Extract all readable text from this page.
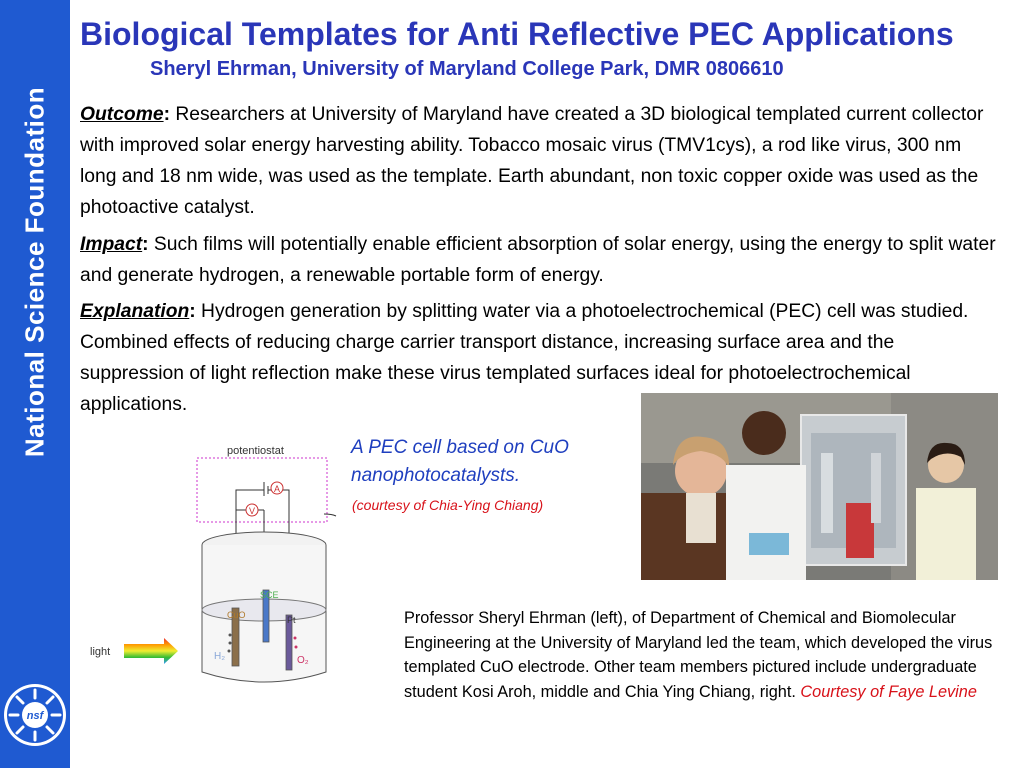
National Science Foundation
nsf
Biological Templates for Anti Reflective PEC Applications
Sheryl Ehrman, University of Maryland College Park, DMR 0806610
Outcome: Researchers at University of Maryland have created a 3D biological templated current collector with improved solar energy harvesting ability. Tobacco mosaic virus (TMV1cys), a rod like virus, 300 nm long and 18 nm wide, was used as the template. Earth abundant, non toxic copper oxide was used as the photoactive catalyst.
Impact: Such films will potentially enable efficient absorption of solar energy, using the energy to split water and generate hydrogen, a renewable portable form of energy.
Explanation: Hydrogen generation by splitting water via a photoelectrochemical (PEC) cell was studied. Combined effects of reducing charge carrier transport distance, increasing surface area and the suppression of light reflection make these virus templated surfaces ideal for photoelectrochemical applications.
potentiostat
A
V
SCE
CuO	Pt
H₂	O₂
light
A PEC cell based on CuO
nanophotocatalysts.
(courtesy of Chia-Ying Chiang)
Professor Sheryl Ehrman (left), of Department of Chemical and Biomolecular Engineering at the University of Maryland led the team, which developed the virus templated CuO electrode. Other team members pictured include undergraduate student Kosi Aroh, middle and Chia Ying Chiang, right. Courtesy of Faye Levine
